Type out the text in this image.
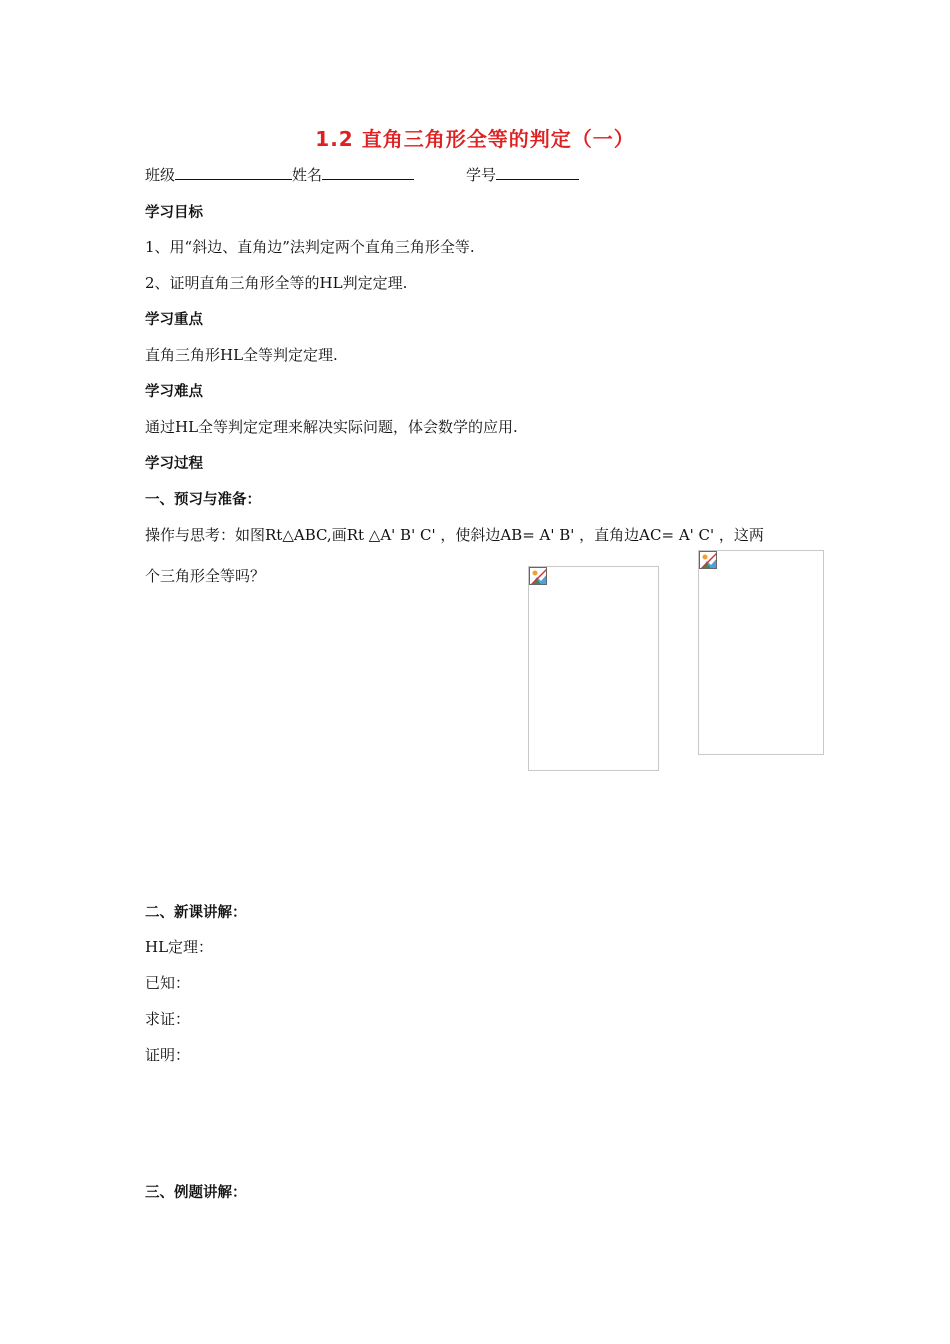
1.2 直角三角形全等的判定（一）
班级	姓名	学号
学习目标
1、用“斜边、直角边”法判定两个直角三角形全等.
2、证明直角三角形全等的HL判定定理.
学习重点
直角三角形HL全等判定定理.
学习难点
通过HL全等判定定理来解决实际问题，体会数学的应用.
学习过程
一、预习与准备：
操作与思考：如图Rt△ABC,画Rt △A' B' C' ，使斜边AB= A' B' ，直角边AC= A' C' ，这两
个三角形全等吗？
二、新课讲解：
HL定理：
已知：
求证：
证明：
三、例题讲解：
